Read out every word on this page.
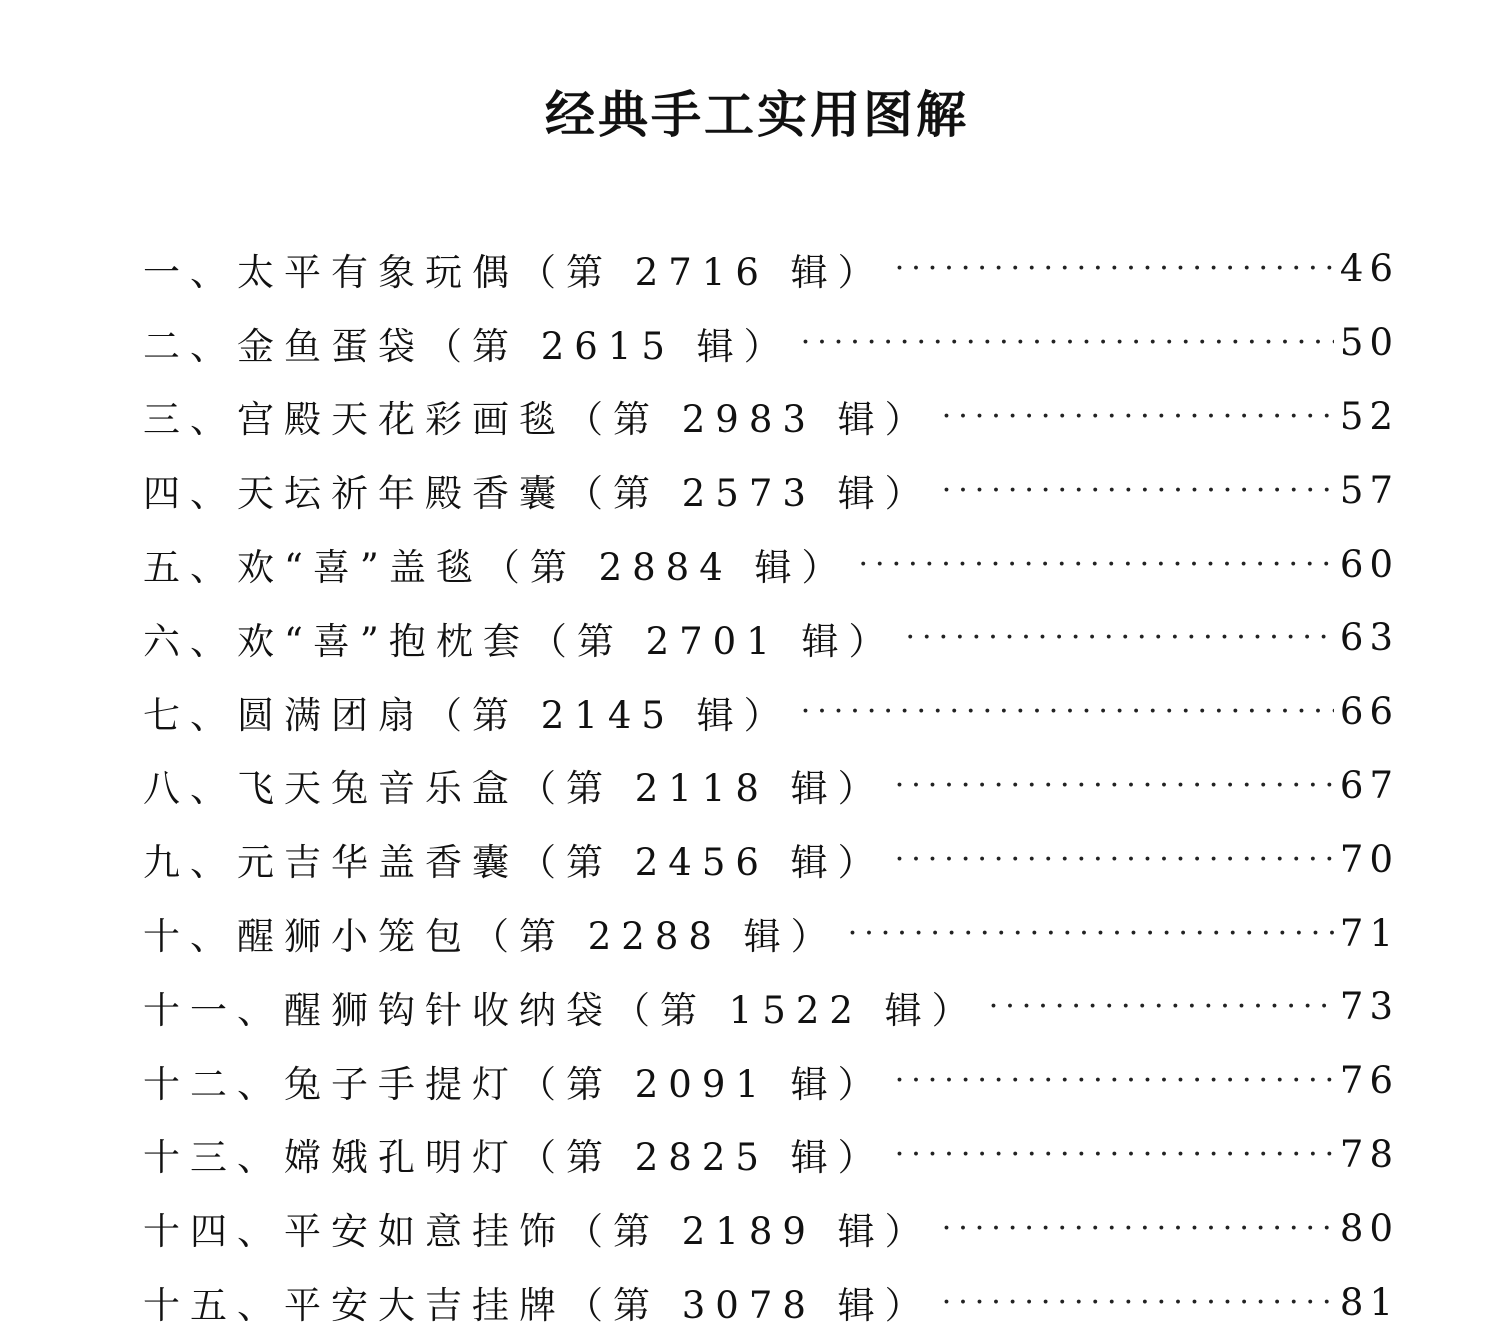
经典手工实用图解
一、太平有象玩偶（第 2716 辑） ·····	46
二、金鱼蛋袋（第 2615 辑） ·····	50
三、宫殿天花彩画毯（第 2983 辑） ·····	52
四、天坛祈年殿香囊（第 2573 辑） ·····	57
五、欢“喜”盖毯（第 2884 辑） ·····	60
六、欢“喜”抱枕套（第 2701 辑） ·····	63
七、圆满团扇（第 2145 辑） ·····	66
八、飞天兔音乐盒（第 2118 辑） ·····	67
九、元吉华盖香囊（第 2456 辑） ·····	70
十、醒狮小笼包（第 2288 辑） ·····	71
十一、醒狮钩针收纳袋（第 1522 辑） ·····	73
十二、兔子手提灯（第 2091 辑） ·····	76
十三、嫦娥孔明灯（第 2825 辑） ·····	78
十四、平安如意挂饰（第 2189 辑） ·····	80
十五、平安大吉挂牌（第 3078 辑） ·····	81
